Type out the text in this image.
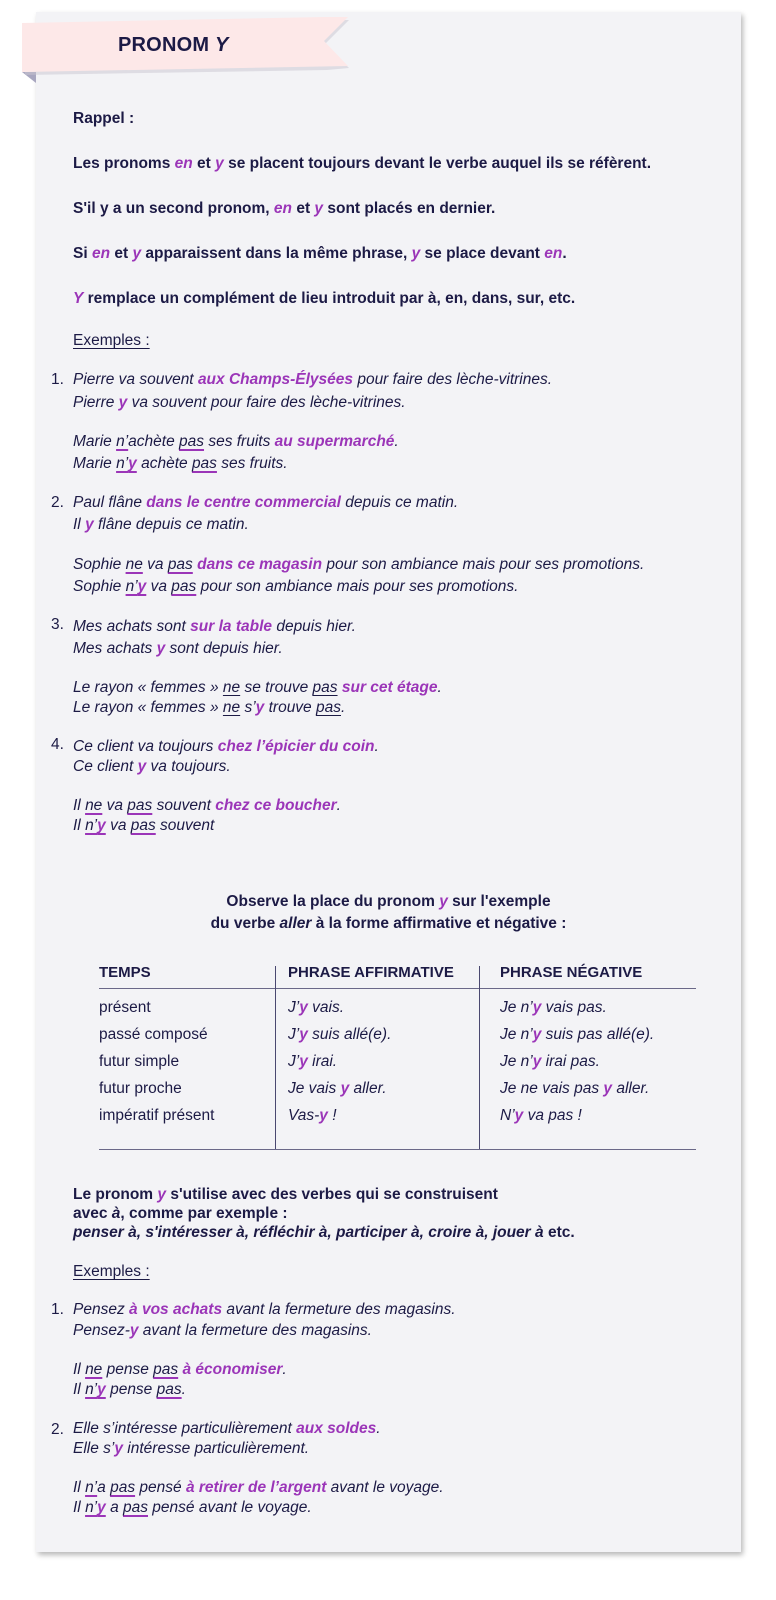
PRONOM Y
Rappel :
Les pronoms en et y se placent toujours devant le verbe auquel ils se réfèrent.
S'il y a un second pronom, en et y sont placés en dernier.
Si en et y apparaissent dans la même phrase, y se place devant en.
Y remplace un complément de lieu introduit par à, en, dans, sur, etc.
Exemples :
1. Pierre va souvent aux Champs-Élysées pour faire des lèche-vitrines.
Pierre y va souvent pour faire des lèche-vitrines.
Marie n’achète pas ses fruits au supermarché.
Marie n’y achète pas ses fruits.
2. Paul flâne dans le centre commercial depuis ce matin.
Il y flâne depuis ce matin.
Sophie ne va pas dans ce magasin pour son ambiance mais pour ses promotions.
Sophie n’y va pas pour son ambiance mais pour ses promotions.
3. Mes achats sont sur la table depuis hier.
Mes achats y sont depuis hier.
Le rayon « femmes » ne se trouve pas sur cet étage.
Le rayon « femmes » ne s’y trouve pas.
4. Ce client va toujours chez l’épicier du coin.
Ce client y va toujours.
Il ne va pas souvent chez ce boucher.
Il n’y va pas souvent
Observe la place du pronom y sur l'exemple
du verbe aller à la forme affirmative et négative :
TEMPS	PHRASE AFFIRMATIVE	PHRASE NÉGATIVE
présent	J’y vais.	Je n’y vais pas.
passé composé	J’y suis allé(e).	Je n’y suis pas allé(e).
futur simple	J’y irai.	Je n’y irai pas.
futur proche	Je vais y aller.	Je ne vais pas y aller.
impératif présent	Vas-y !	N’y va pas !
Le pronom y s'utilise avec des verbes qui se construisent
avec à, comme par exemple :
penser à, s'intéresser à, réfléchir à, participer à, croire à, jouer à etc.
Exemples :
1. Pensez à vos achats avant la fermeture des magasins.
Pensez-y avant la fermeture des magasins.
Il ne pense pas à économiser.
Il n’y pense pas.
2. Elle s’intéresse particulièrement aux soldes.
Elle s’y intéresse particulièrement.
Il n’a pas pensé à retirer de l’argent avant le voyage.
Il n’y a pas pensé avant le voyage.
